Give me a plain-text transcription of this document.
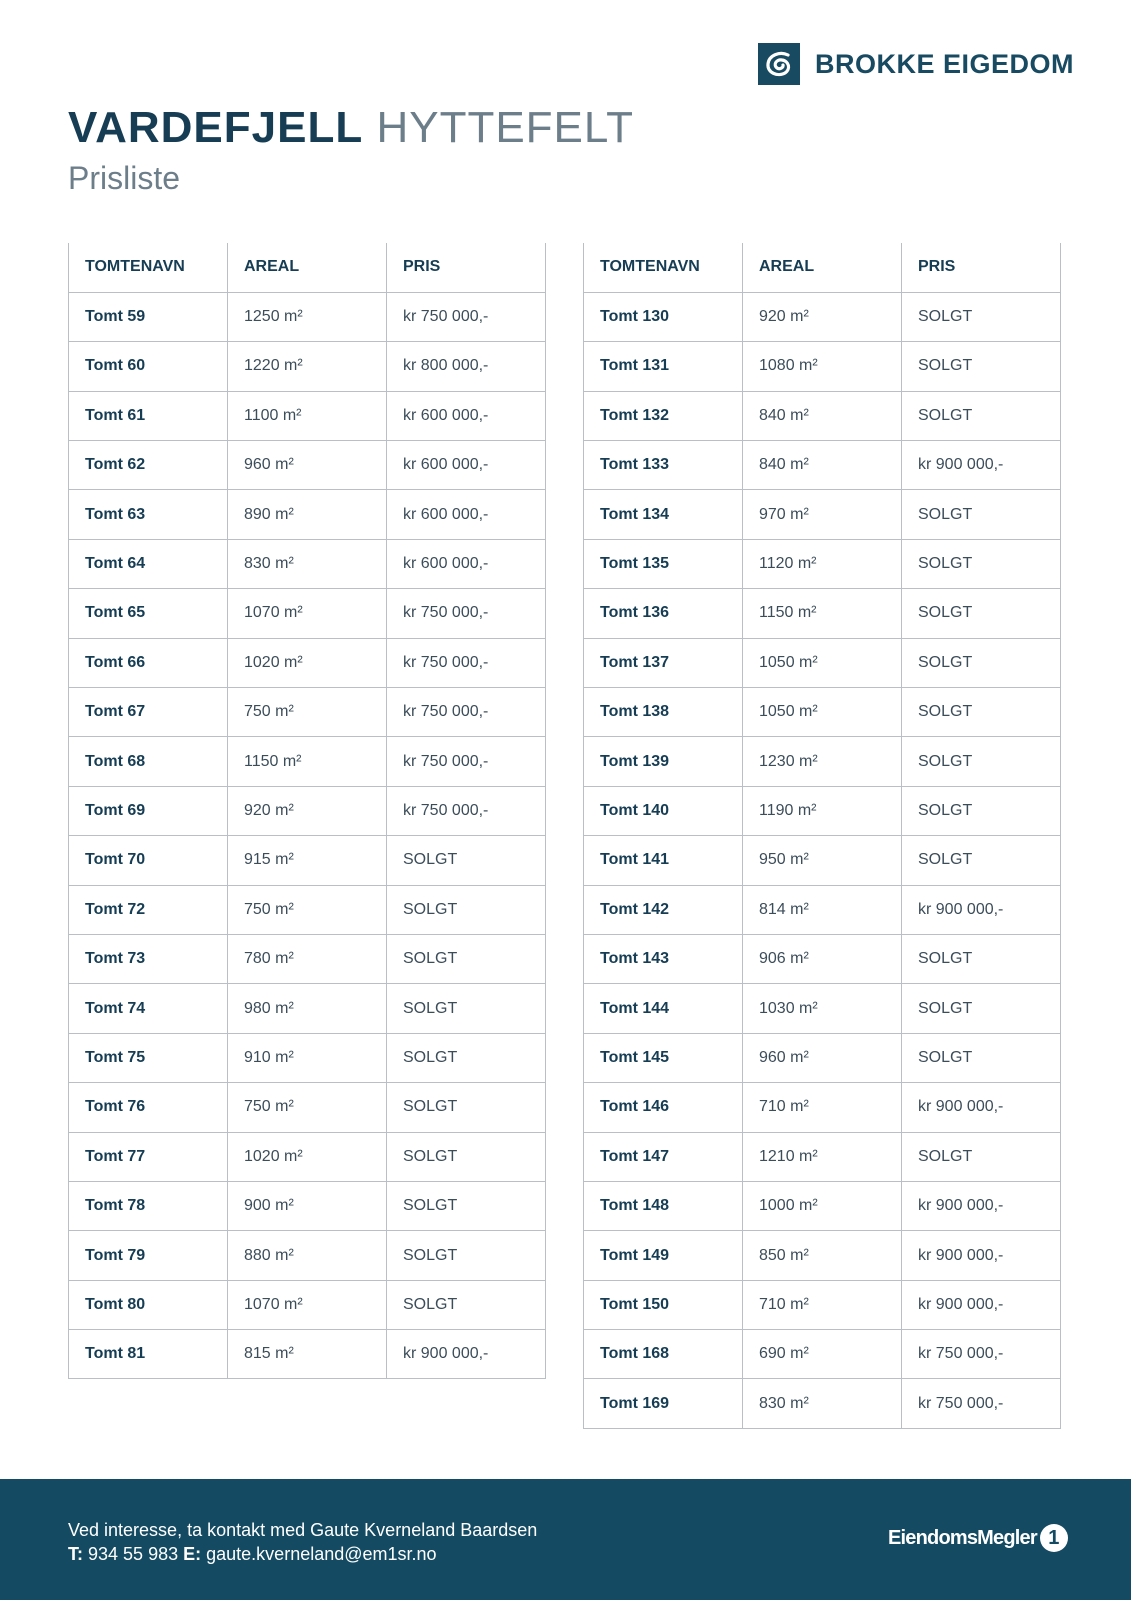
BROKKE EIGEDOM
VARDEFJELL HYTTEFELT
Prisliste
TOMTENAVN	AREAL	PRIS
Tomt 59	1250 m²	kr 750 000,-
Tomt 60	1220 m²	kr 800 000,-
Tomt 61	1100 m²	kr 600 000,-
Tomt 62	960 m²	kr 600 000,-
Tomt 63	890 m²	kr 600 000,-
Tomt 64	830 m²	kr 600 000,-
Tomt 65	1070 m²	kr 750 000,-
Tomt 66	1020 m²	kr 750 000,-
Tomt 67	750 m²	kr 750 000,-
Tomt 68	1150 m²	kr 750 000,-
Tomt 69	920 m²	kr 750 000,-
Tomt 70	915 m²	SOLGT
Tomt 72	750 m²	SOLGT
Tomt 73	780 m²	SOLGT
Tomt 74	980 m²	SOLGT
Tomt 75	910 m²	SOLGT
Tomt 76	750 m²	SOLGT
Tomt 77	1020 m²	SOLGT
Tomt 78	900 m²	SOLGT
Tomt 79	880 m²	SOLGT
Tomt 80	1070 m²	SOLGT
Tomt 81	815 m²	kr 900 000,-
TOMTENAVN	AREAL	PRIS
Tomt 130	920 m²	SOLGT
Tomt 131	1080 m²	SOLGT
Tomt 132	840 m²	SOLGT
Tomt 133	840 m²	kr 900 000,-
Tomt 134	970 m²	SOLGT
Tomt 135	1120 m²	SOLGT
Tomt 136	1150 m²	SOLGT
Tomt 137	1050 m²	SOLGT
Tomt 138	1050 m²	SOLGT
Tomt 139	1230 m²	SOLGT
Tomt 140	1190 m²	SOLGT
Tomt 141	950 m²	SOLGT
Tomt 142	814 m²	kr 900 000,-
Tomt 143	906 m²	SOLGT
Tomt 144	1030 m²	SOLGT
Tomt 145	960 m²	SOLGT
Tomt 146	710 m²	kr 900 000,-
Tomt 147	1210 m²	SOLGT
Tomt 148	1000 m²	kr 900 000,-
Tomt 149	850 m²	kr 900 000,-
Tomt 150	710 m²	kr 900 000,-
Tomt 168	690 m²	kr 750 000,-
Tomt 169	830 m²	kr 750 000,-
Ved interesse, ta kontakt med Gaute Kverneland Baardsen
T: 934 55 983 E: gaute.kverneland@em1sr.no
EiendomsMegler 1
